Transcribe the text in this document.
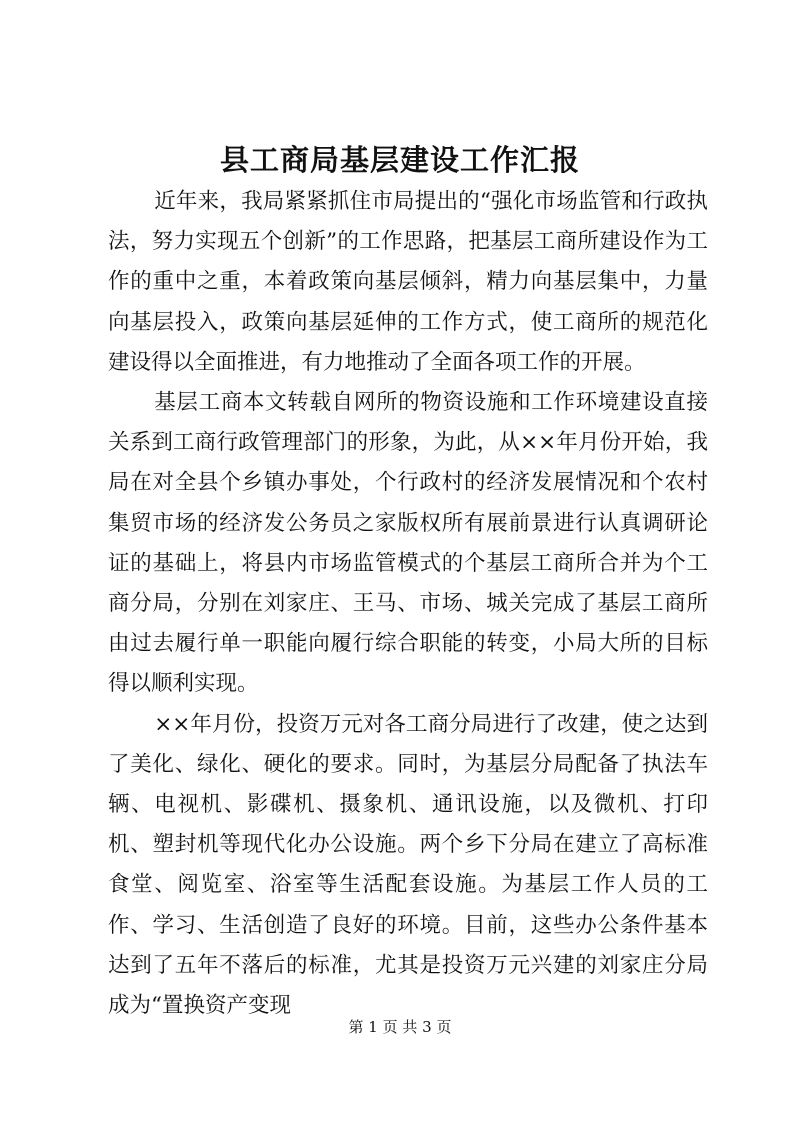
县工商局基层建设工作汇报

近年来，我局紧紧抓住市局提出的“强化市场监管和行政执法，努力实现五个创新”的工作思路，把基层工商所建设作为工作的重中之重，本着政策向基层倾斜，精力向基层集中，力量向基层投入，政策向基层延伸的工作方式，使工商所的规范化建设得以全面推进，有力地推动了全面各项工作的开展。

基层工商本文转载自网所的物资设施和工作环境建设直接关系到工商行政管理部门的形象，为此，从××年月份开始，我局在对全县个乡镇办事处，个行政村的经济发展情况和个农村集贸市场的经济发公务员之家版权所有展前景进行认真调研论证的基础上，将县内市场监管模式的个基层工商所合并为个工商分局，分别在刘家庄、王马、市场、城关完成了基层工商所由过去履行单一职能向履行综合职能的转变，小局大所的目标得以顺利实现。

××年月份，投资万元对各工商分局进行了改建，使之达到了美化、绿化、硬化的要求。同时，为基层分局配备了执法车辆、电视机、影碟机、摄象机、通讯设施，以及微机、打印机、塑封机等现代化办公设施。两个乡下分局在建立了高标准食堂、阅览室、浴室等生活配套设施。为基层工作人员的工作、学习、生活创造了良好的环境。目前，这些办公条件基本达到了五年不落后的标准，尤其是投资万元兴建的刘家庄分局成为“置换资产变现

第 1 页 共 3 页
